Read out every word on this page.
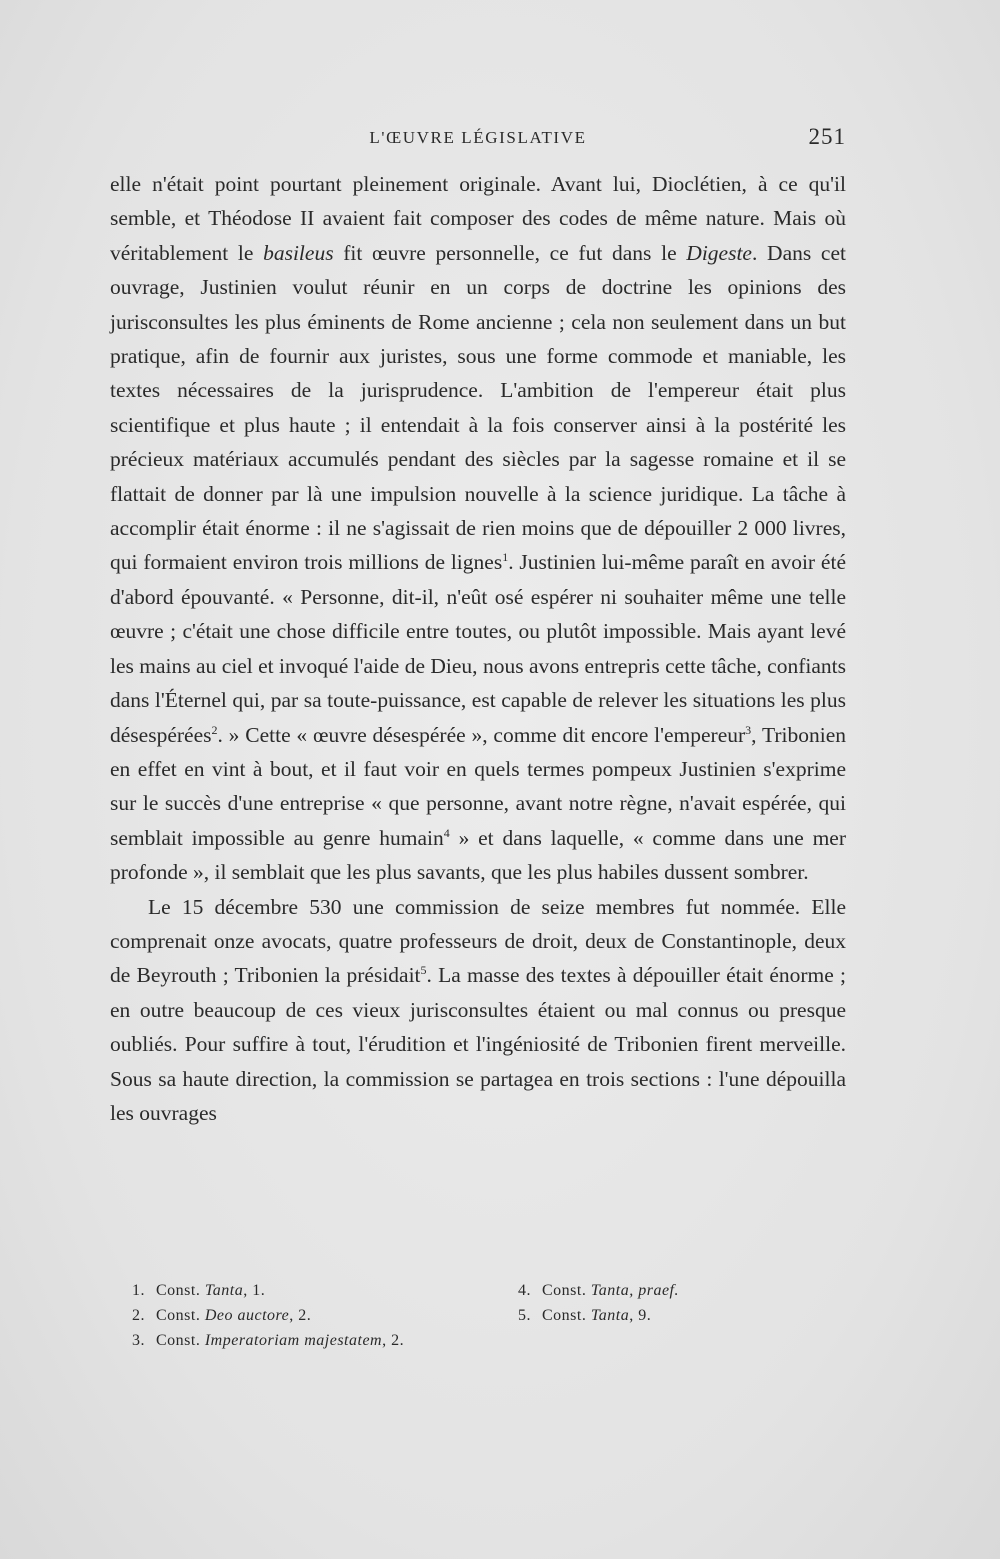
L'ŒUVRE LÉGISLATIVE	251

elle n'était point pourtant pleinement originale. Avant lui, Dioclétien, à ce qu'il semble, et Théodose II avaient fait composer des codes de même nature. Mais où véritablement le basileus fit œuvre personnelle, ce fut dans le Digeste. Dans cet ouvrage, Justinien voulut réunir en un corps de doctrine les opinions des jurisconsultes les plus éminents de Rome ancienne ; cela non seulement dans un but pratique, afin de fournir aux juristes, sous une forme commode et maniable, les textes nécessaires de la jurisprudence. L'ambition de l'empereur était plus scientifique et plus haute ; il entendait à la fois conserver ainsi à la postérité les précieux matériaux accumulés pendant des siècles par la sagesse romaine et il se flattait de donner par là une impulsion nouvelle à la science juridique. La tâche à accomplir était énorme : il ne s'agissait de rien moins que de dépouiller 2 000 livres, qui formaient environ trois millions de lignes$^1$. Justinien lui-même paraît en avoir été d'abord épouvanté. « Personne, dit-il, n'eût osé espérer ni souhaiter même une telle œuvre ; c'était une chose difficile entre toutes, ou plutôt impossible. Mais ayant levé les mains au ciel et invoqué l'aide de Dieu, nous avons entrepris cette tâche, confiants dans l'Éternel qui, par sa toute-puissance, est capable de relever les situations les plus désespérées$^2$. » Cette « œuvre désespérée », comme dit encore l'empereur$^3$, Tribonien en effet en vint à bout, et il faut voir en quels termes pompeux Justinien s'exprime sur le succès d'une entreprise « que personne, avant notre règne, n'avait espérée, qui semblait impossible au genre humain$^4$ » et dans laquelle, « comme dans une mer profonde », il semblait que les plus savants, que les plus habiles dussent sombrer.

Le 15 décembre 530 une commission de seize membres fut nommée. Elle comprenait onze avocats, quatre professeurs de droit, deux de Constantinople, deux de Beyrouth ; Tribonien la présidait$^5$. La masse des textes à dépouiller était énorme ; en outre beaucoup de ces vieux jurisconsultes étaient ou mal connus ou presque oubliés. Pour suffire à tout, l'érudition et l'ingéniosité de Tribonien firent merveille. Sous sa haute direction, la commission se partagea en trois sections : l'une dépouilla les ouvrages

1. Const. Tanta, 1.
2. Const. Deo auctore, 2.
3. Const. Imperatoriam majestatem, 2.
4. Const. Tanta, praef.
5. Const. Tanta, 9.
